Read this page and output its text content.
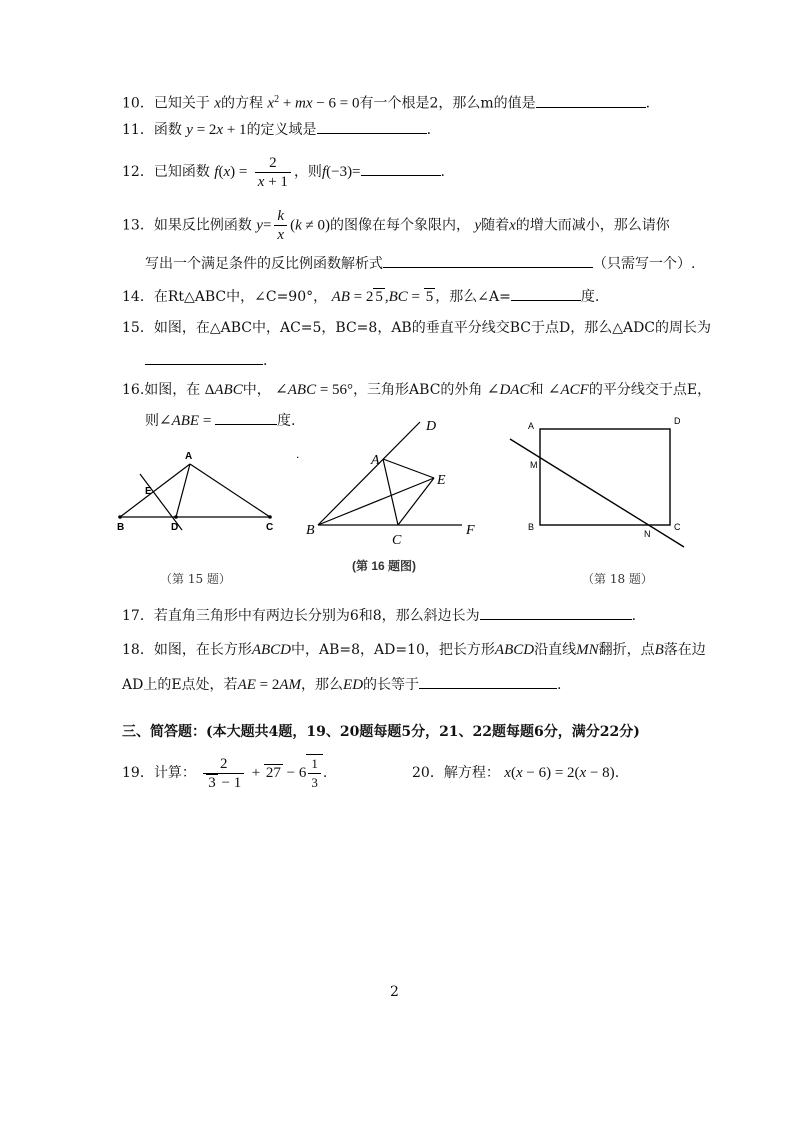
10．已知关于 x的方程 $x^2$ + mx − 6 = 0有一个根是2，那么m的值是	.
11．函数 y = 2x + 1的定义域是	.
12．已知函数 $f(x) = \frac{2}{x + 1}$ ，则f(−3)=	.
13．如果反比例函数 $y= \frac{k}{x} (k \ne 0)$的图像在每个象限内， y随着x的增大而减小，那么请你
写出一个满足条件的反比例函数解析式	（只需写一个）.
14．在Rt△ABC中，∠C=90°， AB = 2 5 ,BC = 5 ，那么∠A=	度.
15．如图，在△ABC中，AC=5，BC=8，AB的垂直平分线交BC于点D，那么△ADC的周长为
.
16.如图，在 ΔABC中， ∠ABC = 56°，三角形ABC的外角 ∠DAC和 ∠ACF的平分线交于点E，
则∠ABE =	度.
A
E
B	D	C
.
D
A
E
B
C
F
A	D
M
B
N
C
（第 15 题）
(第 16 题图)
（第 18 题）
17．若直角三角形中有两边长分别为6和8，那么斜边长为	.
18．如图，在长方形ABCD中，AB=8，AD=10，把长方形ABCD沿直线MN翻折，点B落在边
AD上的E点处，若AE = 2AM，那么ED的长等于	.
三、简答题：(本大题共4题，19、20题每题5分，21、22题每题6分，满分22分)
19．计算： $\frac{2}{3 - 1} + 27 - 6 \frac{1}{3}$ .	20．解方程： x(x − 6) = 2(x − 8).
2
